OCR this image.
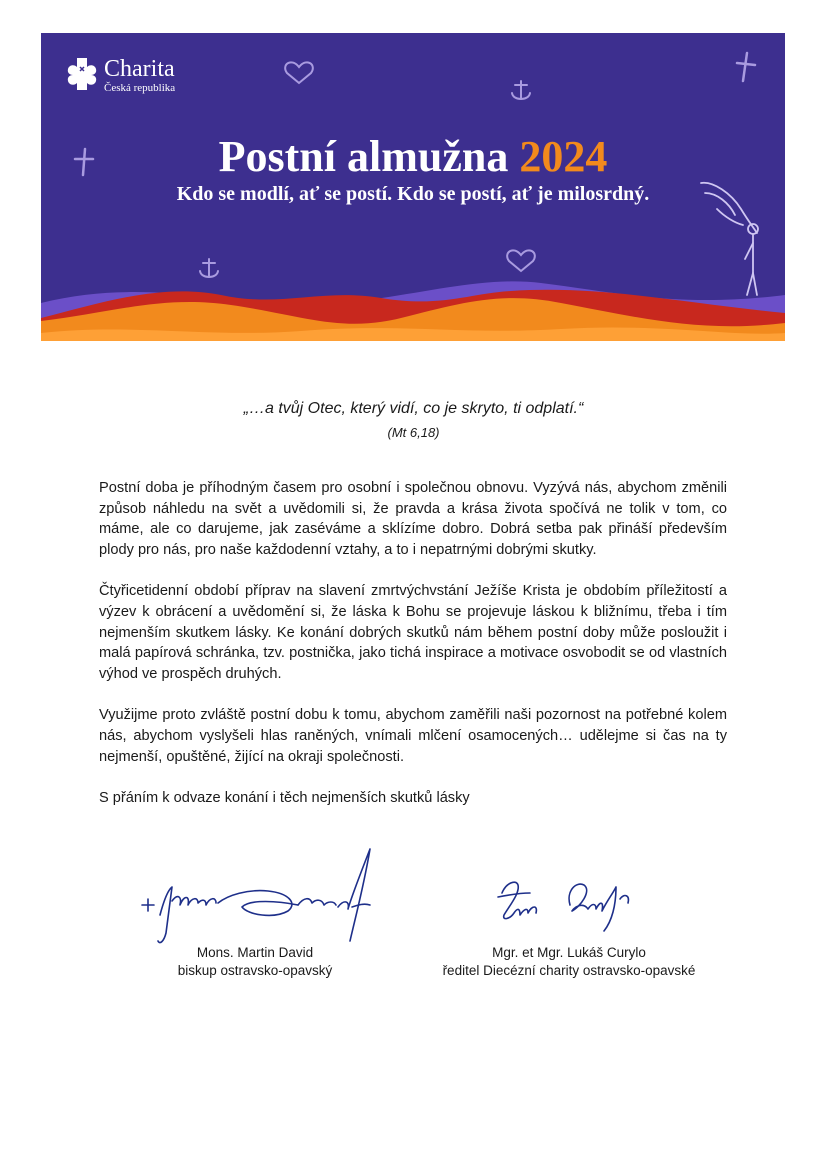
Charita
Česká republika
Postní almužna 2024
Kdo se modlí, ať se postí. Kdo se postí, ať je milosrdný.
„…a tvůj Otec, který vidí, co je skryto, ti odplatí.“
(Mt 6,18)

Postní doba je příhodným časem pro osobní i společnou obnovu. Vyzývá nás, abychom změnili způsob náhledu na svět a uvědomili si, že pravda a krása života spočívá ne tolik v tom, co máme, ale co darujeme, jak zaséváme a sklízíme dobro. Dobrá setba pak přináší především plody pro nás, pro naše každodenní vztahy, a to i nepatrnými dobrými skutky.

Čtyřicetidenní období příprav na slavení zmrtvýchvstání Ježíše Krista je obdobím příležitostí a výzev k obrácení a uvědomění si, že láska k Bohu se projevuje láskou k bližnímu, třeba i tím nejmenším skutkem lásky. Ke konání dobrých skutků nám během postní doby může posloužit i malá papírová schránka, tzv. postnička, jako tichá inspirace a motivace osvobodit se od vlastních výhod ve prospěch druhých.

Využijme proto zvláště postní dobu k tomu, abychom zaměřili naši pozornost na potřebné kolem nás, abychom vyslyšeli hlas raněných, vnímali mlčení osamocených… udělejme si čas na ty nejmenší, opuštěné, žijící na okraji společnosti.

S přáním k odvaze konání i těch nejmenších skutků lásky

Mons. Martin David
biskup ostravsko-opavský
Mgr. et Mgr. Lukáš Curylo
ředitel Diecézní charity ostravsko-opavské
